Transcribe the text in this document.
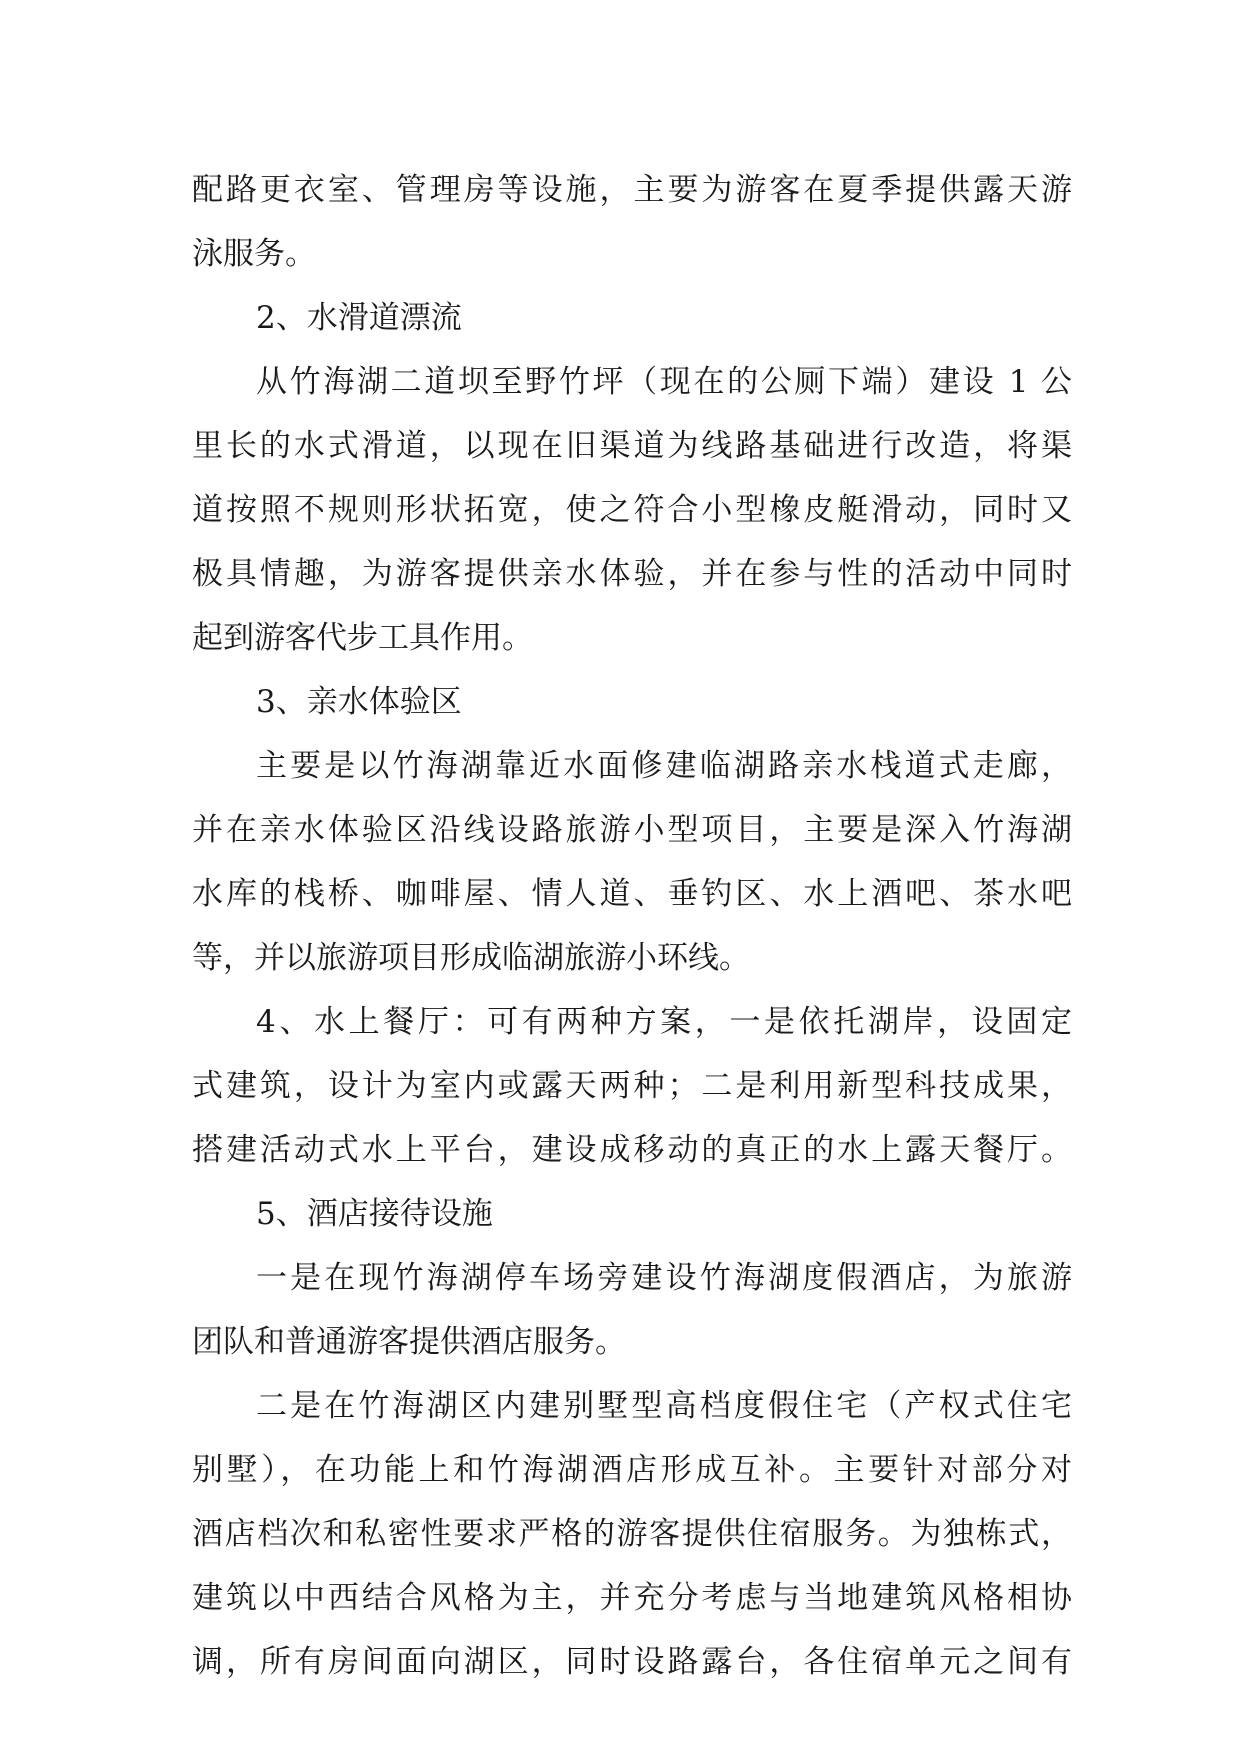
配路更衣室、管理房等设施，主要为游客在夏季提供露天游
泳服务。
2、水滑道漂流
从竹海湖二道坝至野竹坪（现在的公厕下端）建设 1 公
里长的水式滑道，以现在旧渠道为线路基础进行改造，将渠
道按照不规则形状拓宽，使之符合小型橡皮艇滑动，同时又
极具情趣，为游客提供亲水体验，并在参与性的活动中同时
起到游客代步工具作用。
3、亲水体验区
主要是以竹海湖靠近水面修建临湖路亲水栈道式走廊，
并在亲水体验区沿线设路旅游小型项目，主要是深入竹海湖
水库的栈桥、咖啡屋、情人道、垂钓区、水上酒吧、茶水吧
等，并以旅游项目形成临湖旅游小环线。
4、水上餐厅：可有两种方案，一是依托湖岸，设固定
式建筑，设计为室内或露天两种；二是利用新型科技成果，
搭建活动式水上平台，建设成移动的真正的水上露天餐厅。
5、酒店接待设施
一是在现竹海湖停车场旁建设竹海湖度假酒店，为旅游
团队和普通游客提供酒店服务。
二是在竹海湖区内建别墅型高档度假住宅（产权式住宅
别墅），在功能上和竹海湖酒店形成互补。主要针对部分对
酒店档次和私密性要求严格的游客提供住宿服务。为独栋式，
建筑以中西结合风格为主，并充分考虑与当地建筑风格相协
调，所有房间面向湖区，同时设路露台，各住宿单元之间有
